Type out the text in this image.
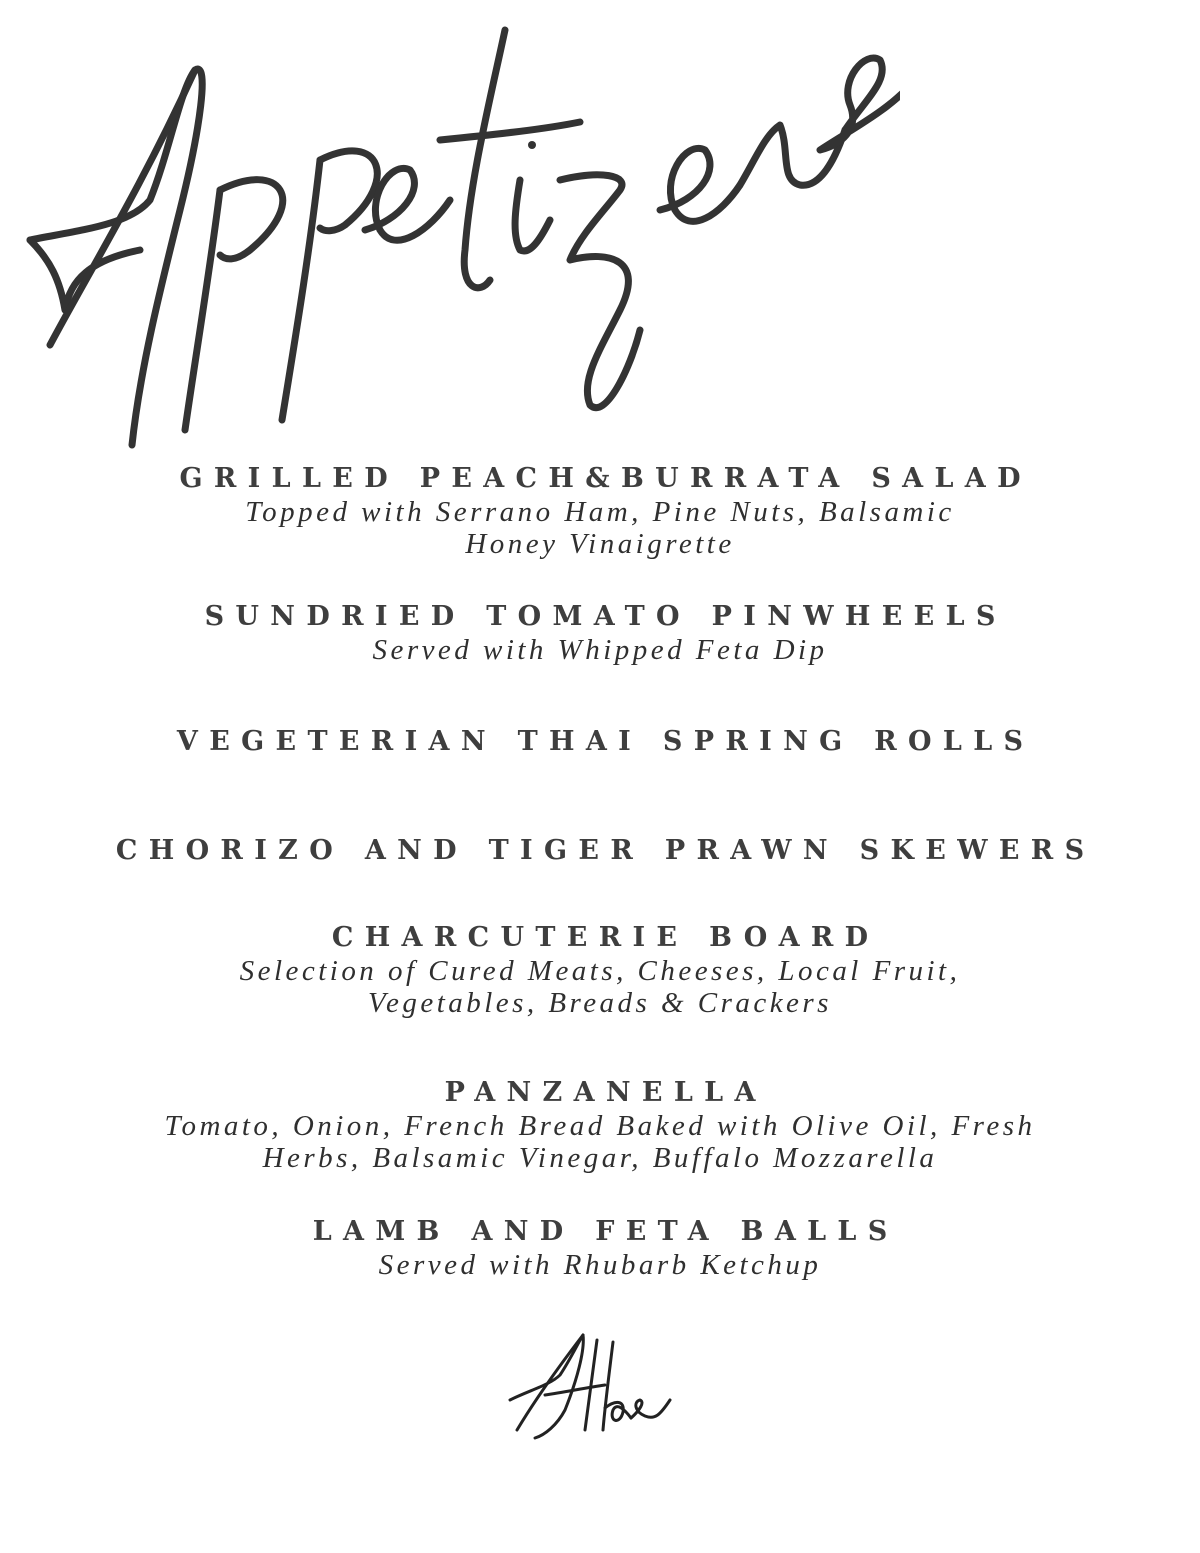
GRILLED PEACH&BURRATA SALAD
Topped with Serrano Ham, Pine Nuts, Balsamic
Honey Vinaigrette
SUNDRIED TOMATO PINWHEELS
Served with Whipped Feta Dip
VEGETERIAN THAI SPRING ROLLS
CHORIZO AND TIGER PRAWN SKEWERS
CHARCUTERIE BOARD
Selection of Cured Meats, Cheeses, Local Fruit,
Vegetables, Breads & Crackers
PANZANELLA
Tomato, Onion, French Bread Baked with Olive Oil, Fresh
Herbs, Balsamic Vinegar, Buffalo Mozzarella
LAMB AND FETA BALLS
Served with Rhubarb Ketchup
